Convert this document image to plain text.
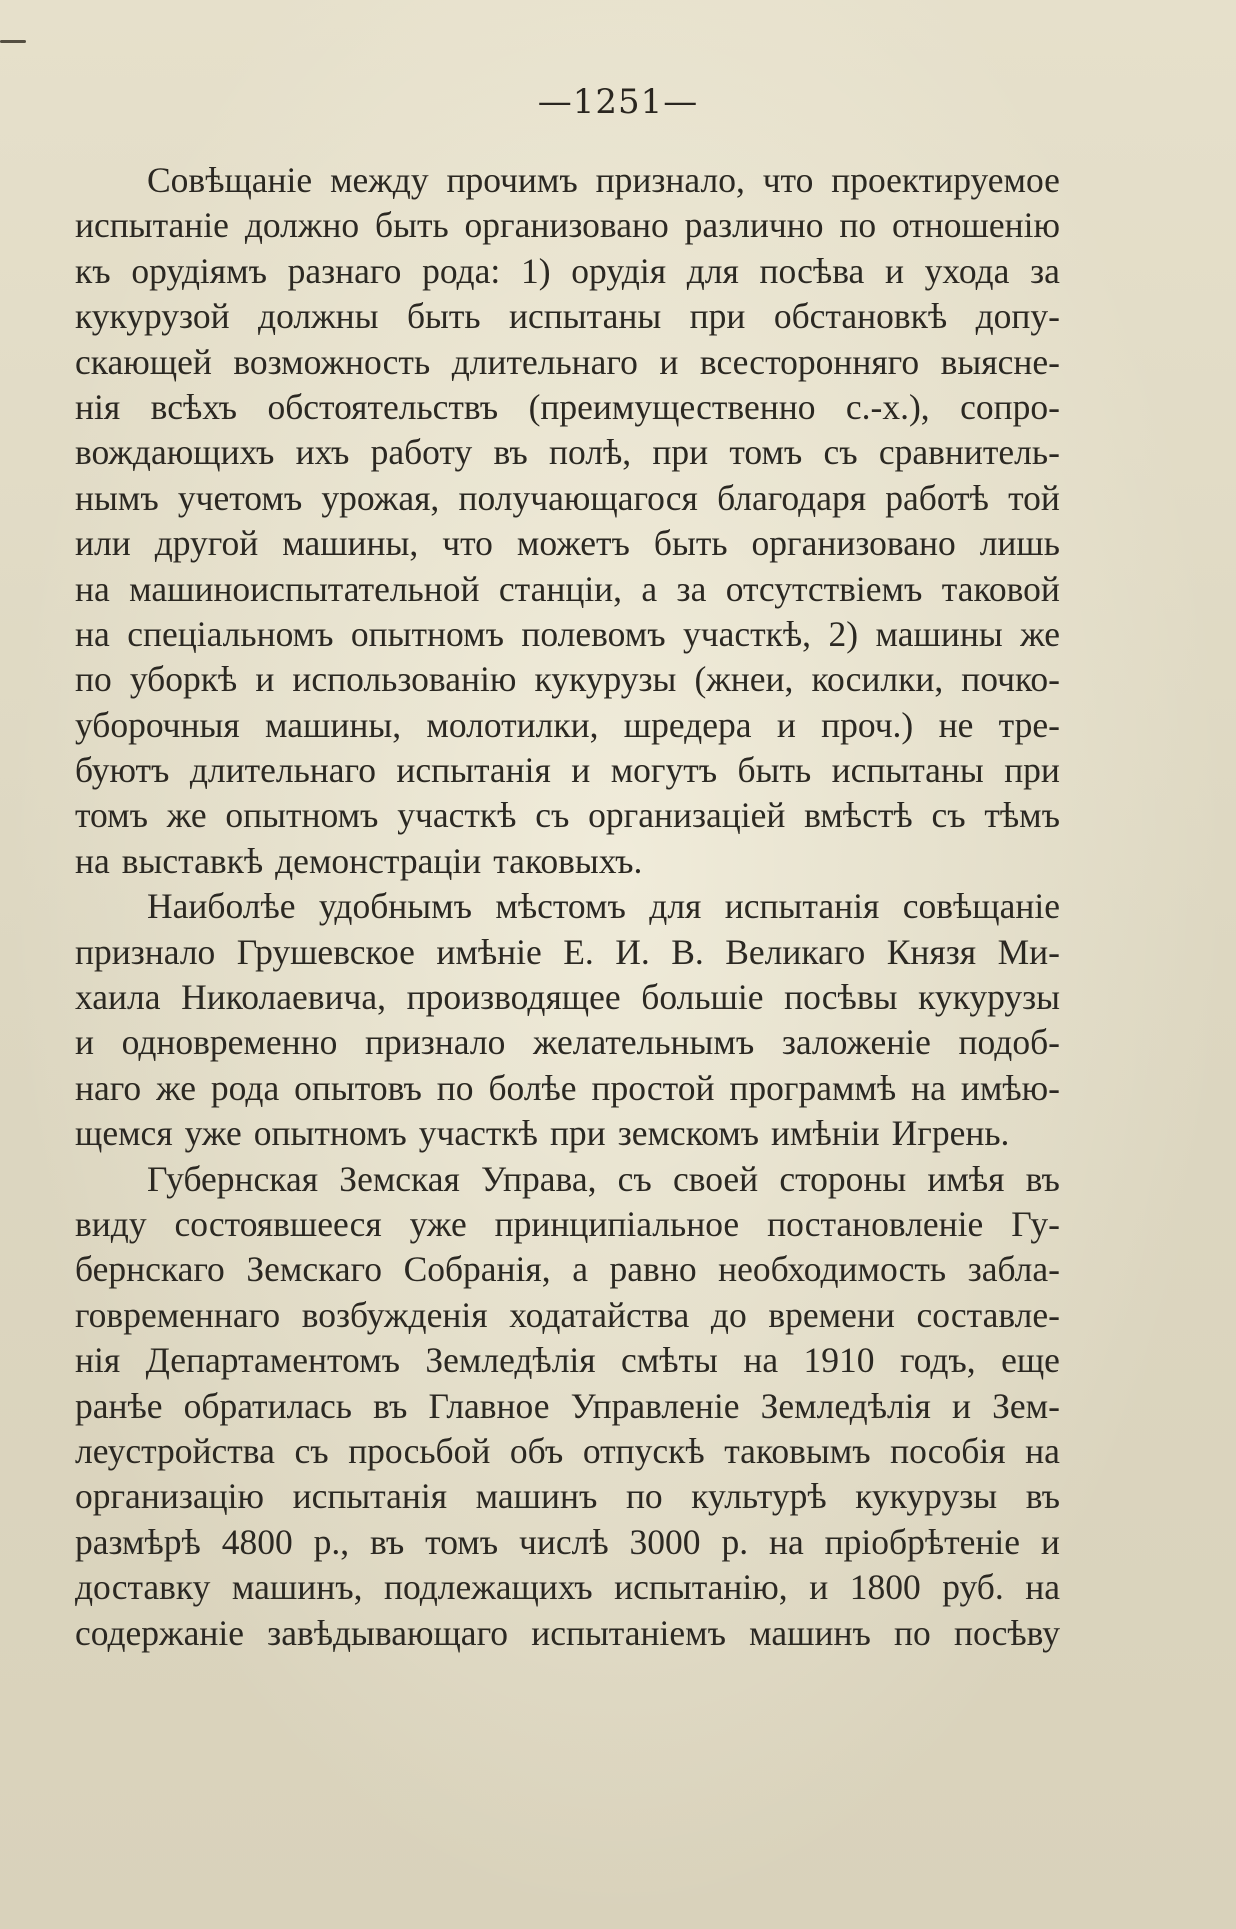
—1251—
Совѣщаніе между прочимъ признало, что проектируемое
испытаніе должно быть организовано различно по отношенію
къ орудіямъ разнаго рода: 1) орудія для посѣва и ухода за
кукурузой должны быть испытаны при обстановкѣ допу-
скающей возможность длительнаго и всесторонняго выясне-
нія всѣхъ обстоятельствъ (преимущественно с.-х.), сопро-
вождающихъ ихъ работу въ полѣ, при томъ съ сравнитель-
нымъ учетомъ урожая, получающагося благодаря работѣ той
или другой машины, что можетъ быть организовано лишь
на машиноиспытательной станціи, а за отсутствіемъ таковой
на спеціальномъ опытномъ полевомъ участкѣ, 2) машины же
по уборкѣ и использованію кукурузы (жнеи, косилки, почко-
уборочныя машины, молотилки, шредера и проч.) не тре-
буютъ длительнаго испытанія и могутъ быть испытаны при
томъ же опытномъ участкѣ съ организаціей вмѣстѣ съ тѣмъ
на выставкѣ демонстраціи таковыхъ.
Наиболѣе удобнымъ мѣстомъ для испытанія совѣщаніе
признало Грушевское имѣніе Е. И. В. Великаго Князя Ми-
хаила Николаевича, производящее большіе посѣвы кукурузы
и одновременно признало желательнымъ заложеніе подоб-
наго же рода опытовъ по болѣе простой программѣ на имѣю-
щемся уже опытномъ участкѣ при земскомъ имѣніи Игрень.
Губернская Земская Управа, съ своей стороны имѣя въ
виду состоявшееся уже принципіальное постановленіе Гу-
бернскаго Земскаго Собранія, а равно необходимость забла-
говременнаго возбужденія ходатайства до времени составле-
нія Департаментомъ Земледѣлія смѣты на 1910 годъ, еще
ранѣе обратилась въ Главное Управленіе Земледѣлія и Зем-
леустройства съ просьбой объ отпускѣ таковымъ пособія на
организацію испытанія машинъ по культурѣ кукурузы въ
размѣрѣ 4800 р., въ томъ числѣ 3000 р. на пріобрѣтеніе и
доставку машинъ, подлежащихъ испытанію, и 1800 руб. на
содержаніе завѣдывающаго испытаніемъ машинъ по посѣву
